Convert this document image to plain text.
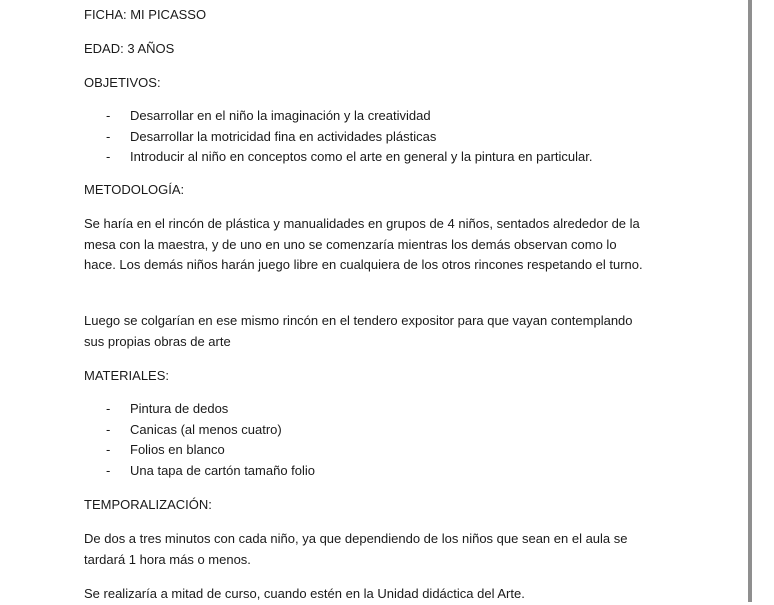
FICHA: MI PICASSO

EDAD: 3 AÑOS

OBJETIVOS:

- Desarrollar en el niño la imaginación y la creatividad
- Desarrollar la motricidad fina en actividades plásticas
- Introducir al niño en conceptos como el arte en general y la pintura en particular.

METODOLOGÍA:

Se haría en el rincón de plástica y manualidades en grupos de 4 niños, sentados alrededor de la mesa con la maestra, y de uno en uno se comenzaría mientras los demás observan como lo hace. Los demás niños harán juego libre en cualquiera de los otros rincones respetando el turno.

Luego se colgarían en ese mismo rincón en el tendero expositor para que vayan contemplando sus propias obras de arte

MATERIALES:

- Pintura de dedos
- Canicas (al menos cuatro)
- Folios en blanco
- Una tapa de cartón tamaño folio

TEMPORALIZACIÓN:

De dos a tres minutos con cada niño, ya que dependiendo de los niños que sean en el aula se tardará 1 hora más o menos.

Se realizaría a mitad de curso, cuando estén en la Unidad didáctica del Arte.
